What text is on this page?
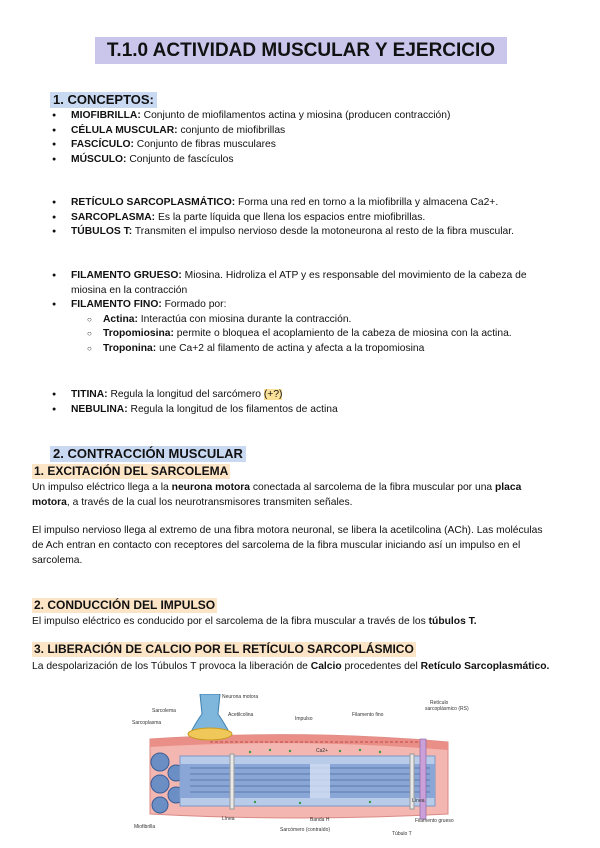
T.1.0 ACTIVIDAD MUSCULAR Y EJERCICIO
1. CONCEPTOS:
● MIOFIBRILLA: Conjunto de miofilamentos actina y miosina (producen contracción)
● CÉLULA MUSCULAR: conjunto de miofibrillas
● FASCÍCULO: Conjunto de fibras musculares
● MÚSCULO: Conjunto de fascículos
● RETÍCULO SARCOPLASMÁTICO: Forma una red en torno a la miofibrilla y almacena Ca2+.
● SARCOPLASMA: Es la parte líquida que llena los espacios entre miofibrillas.
● TÚBULOS T: Transmiten el impulso nervioso desde la motoneurona al resto de la fibra muscular.
● FILAMENTO GRUESO: Miosina. Hidroliza el ATP y es responsable del movimiento de la cabeza de miosina en la contracción
● FILAMENTO FINO: Formado por:
○ Actina: Interactúa con miosina durante la contracción.
○ Tropomiosina: permite o bloquea el acoplamiento de la cabeza de miosina con la actina.
○ Troponina: une Ca+2 al filamento de actina y afecta a la tropomiosina
● TITINA: Regula la longitud del sarcómero (+?)
● NEBULINA: Regula la longitud de los filamentos de actina
2. CONTRACCIÓN MUSCULAR
1. EXCITACIÓN DEL SARCOLEMA

Un impulso eléctrico llega a la neurona motora conectada al sarcolema de la fibra muscular por una placa motora, a través de la cual los neurotransmisores transmiten señales.

El impulso nervioso llega al extremo de una fibra motora neuronal, se libera la acetilcolina (ACh). Las moléculas de Ach entran en contacto con receptores del sarcolema de la fibra muscular iniciando así un impulso en el sarcolema.

2. CONDUCCIÓN DEL IMPULSO

El impulso eléctrico es conducido por el sarcolema de la fibra muscular a través de los túbulos T.

3. LIBERACIÓN DE CALCIO POR EL RETÍCULO SARCOPLÁSMICO

La despolarización de los Túbulos T provoca la liberación de Calcio procedentes del Retículo Sarcoplasmático.

Neurona motora
Sarcolema
Sarcoplasma
Acetilcolina
Impulso
Filamento fino
Retículo
sarcoplásmico (RS)
Ca2+
Línea	Banda H
Línea
Filamento grueso
Miofibrilla	Sarcómero (contraído)
Túbulo T
